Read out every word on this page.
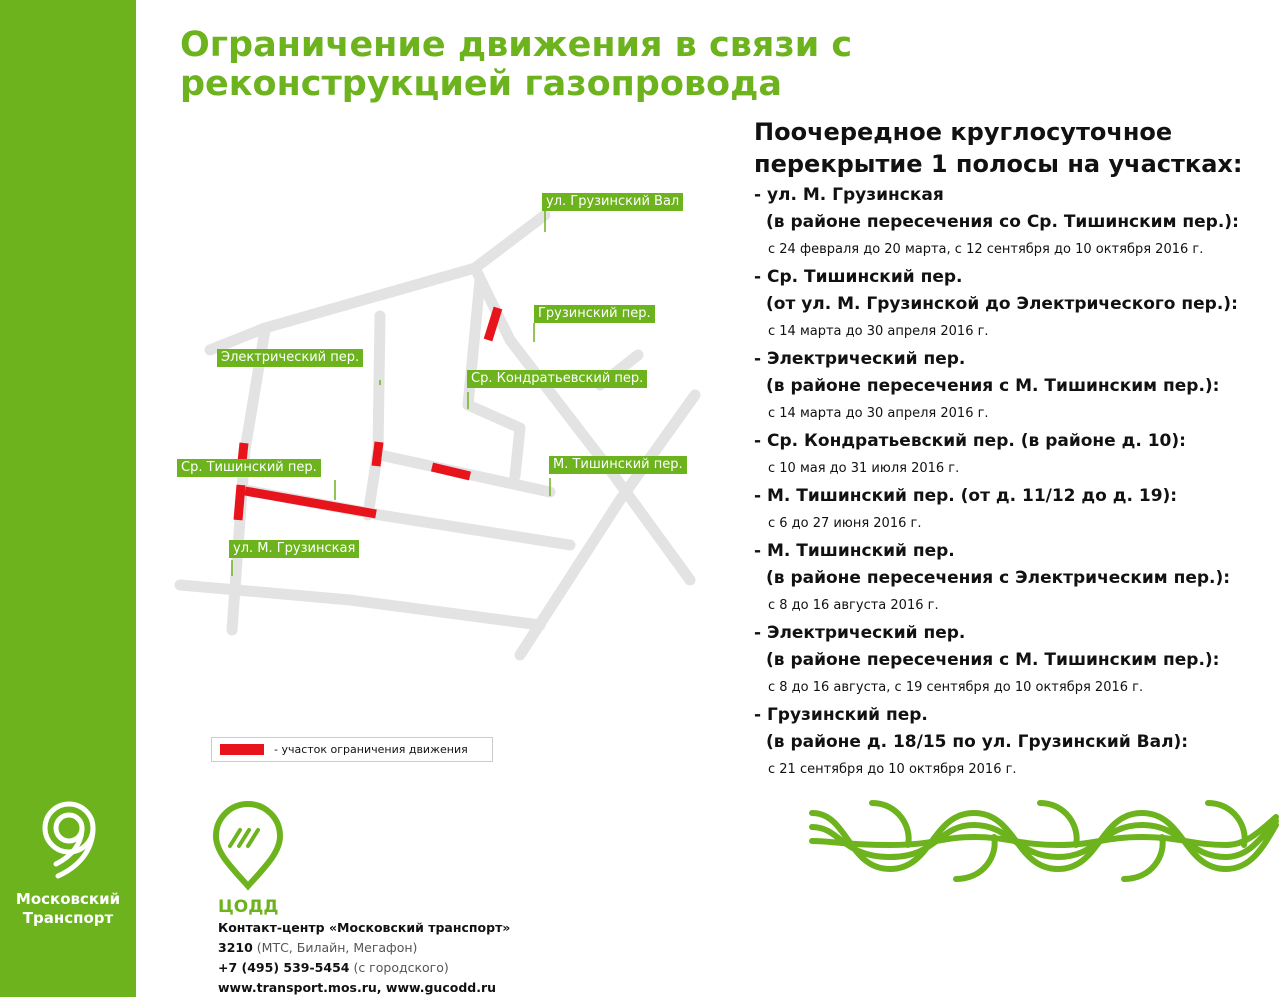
Московский
Транспорт
Ограничение движения в связи с реконструкцией газопровода
ул. Грузинский Вал
Грузинский пер.
Электрический пер.
Ср. Кондратьевский пер.
М. Тишинский пер.
Ср. Тишинский пер.
ул. М. Грузинская
- участок ограничения движения
Поочередное круглосуточное перекрытие 1 полосы на участках:
- ул. М. Грузинская
(в районе пересечения со Ср. Тишинским пер.):
с 24 февраля до 20 марта, с 12 сентября до 10 октября 2016 г.
- Ср. Тишинский пер.
(от ул. М. Грузинской до Электрического пер.):
с 14 марта до 30 апреля 2016 г.
- Электрический пер.
(в районе пересечения с М. Тишинским пер.):
с 14 марта до 30 апреля 2016 г.
- Ср. Кондратьевский пер. (в районе д. 10):
с 10 мая до 31 июля 2016 г.
- М. Тишинский пер. (от д. 11/12 до д. 19):
с 6 до 27 июня 2016 г.
- М. Тишинский пер.
(в районе пересечения с Электрическим пер.):
с 8 до 16 августа 2016 г.
- Электрический пер.
(в районе пересечения с М. Тишинским пер.):
с 8 до 16 августа, с 19 сентября до 10 октября 2016 г.
- Грузинский пер.
(в районе д. 18/15 по ул. Грузинский Вал):
с 21 сентября до 10 октября 2016 г.
ЦОДД
Контакт-центр «Московский транспорт»
3210 (МТС, Билайн, Мегафон)
+7 (495) 539-5454 (с городского)
www.transport.mos.ru, www.gucodd.ru
